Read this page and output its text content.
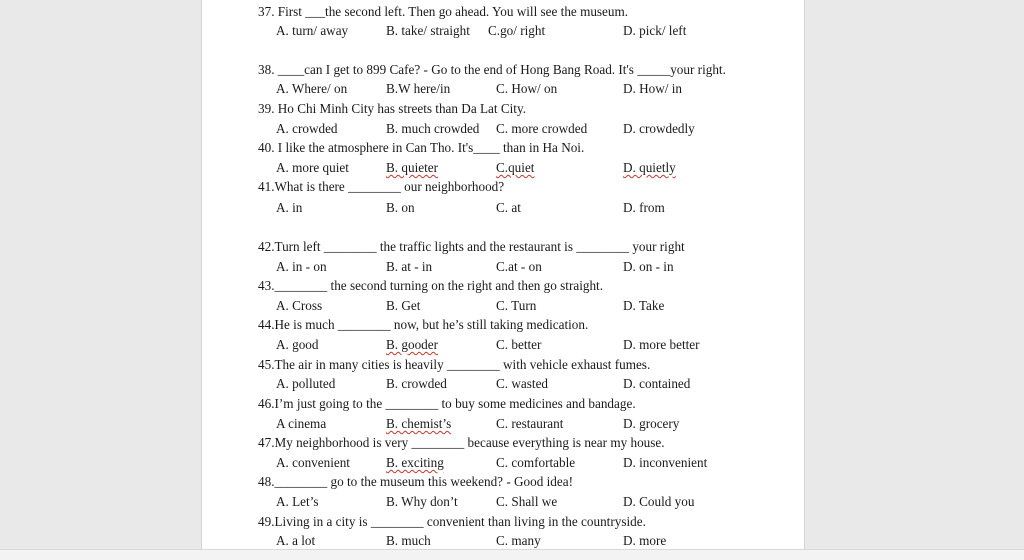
37. First ___the second left. Then go ahead. You will see the museum.
A. turn/ away	B. take/ straight C.go/ right	D. pick/ left
38. ____can I get to 899 Cafe? - Go to the end of Hong Bang Road. It's _____your right.
A. Where/ on	B.W here/in	C. How/ on	D. How/ in
39. Ho Chi Minh City has streets than Da Lat City.
A. crowded	B. much crowded C. more crowded	D. crowdedly
40. I like the atmosphere in Can Tho. It's____ than in Ha Noi.
A. more quiet	B. quieter	C.quiet	D. quietly
41.What is there ________ our neighborhood?
A. in	B. on	C. at	D. from
42.Turn left ________ the traffic lights and the restaurant is ________ your right
A. in - on	B. at - in	C.at - on	D. on - in
43.________ the second turning on the right and then go straight.
A. Cross	B. Get	C. Turn	D. Take
44.He is much ________ now, but he’s still taking medication.
A. good	B. gooder	C. better	D. more better
45.The air in many cities is heavily ________ with vehicle exhaust fumes.
A. polluted	B. crowded	C. wasted	D. contained
46.I’m just going to the ________ to buy some medicines and bandage.
A cinema	B. chemist’s	C. restaurant	D. grocery
47.My neighborhood is very ________ because everything is near my house.
A. convenient	B. exciting	C. comfortable	D. inconvenient
48.________ go to the museum this weekend? - Good idea!
A. Let’s	B. Why don’t	C. Shall we	D. Could you
49.Living in a city is ________ convenient than living in the countryside.
A. a lot	B. much	C. many	D. more
